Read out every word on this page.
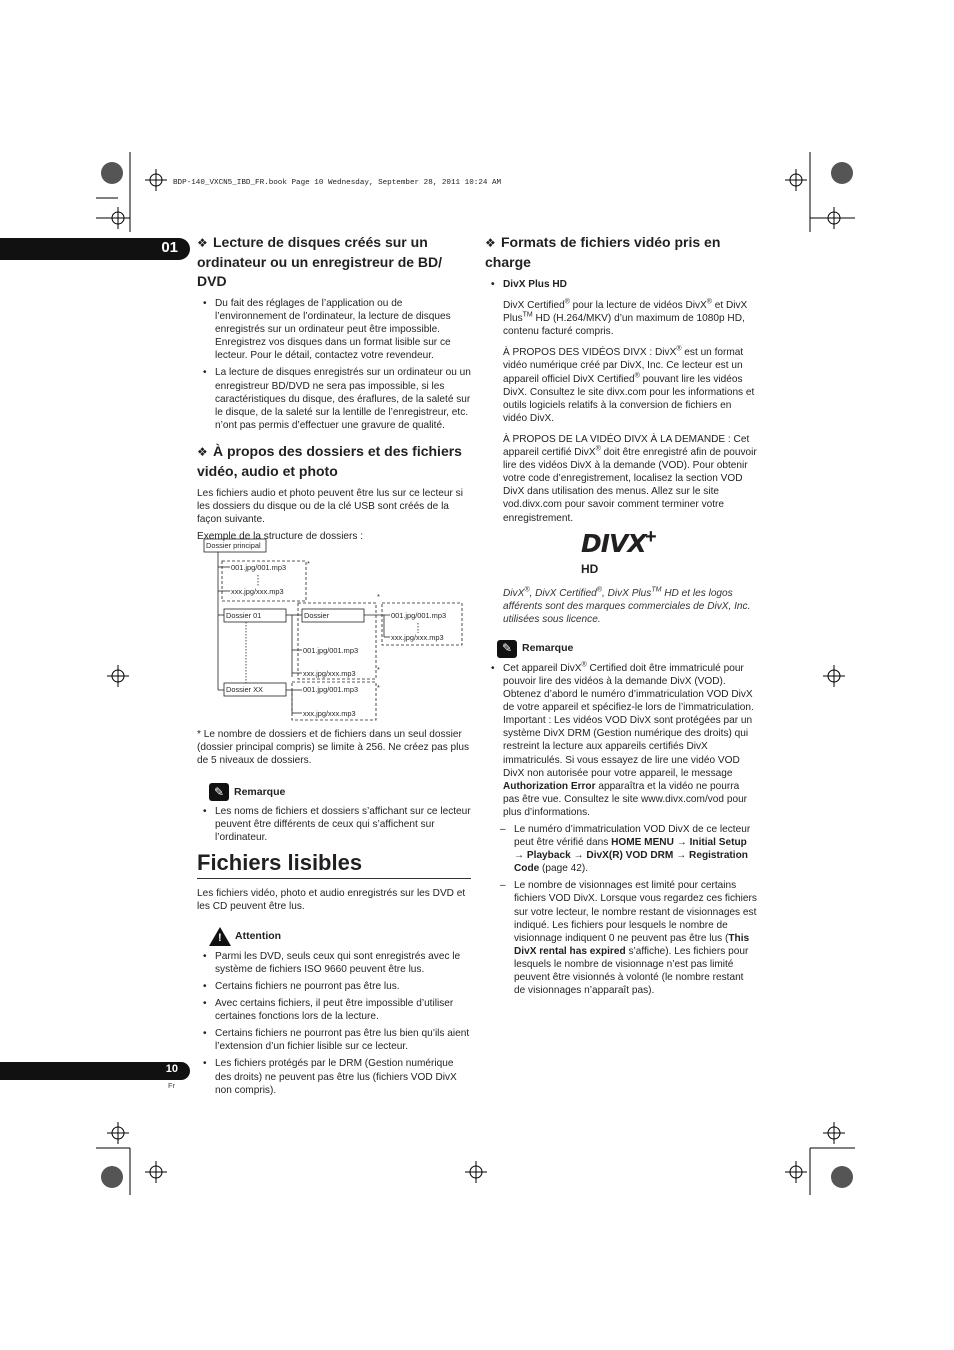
BDP-140_VXCN5_IBD_FR.book Page 10 Wednesday, September 28, 2011 10:24 AM
01
10
Fr
❖ Lecture de disques créés sur un ordinateur ou un enregistreur de BD/ DVD
• Du fait des réglages de l’application ou de l’environnement de l’ordinateur, la lecture de disques enregistrés sur un ordinateur peut être impossible. Enregistrez vos disques dans un format lisible sur ce lecteur. Pour le détail, contactez votre revendeur.
• La lecture de disques enregistrés sur un ordinateur ou un enregistreur BD/DVD ne sera pas impossible, si les caractéristiques du disque, des éraflures, de la saleté sur le disque, de la saleté sur la lentille de l’enregistreur, etc. n’ont pas permis d’effectuer une gravure de qualité.
❖ À propos des dossiers et des fichiers vidéo, audio et photo

Les fichiers audio et photo peuvent être lus sur ce lecteur si les dossiers du disque ou de la clé USB sont créés de la façon suivante.

Exemple de la structure de dossiers :

Dossier principal
001.jpg/001.mp3
xxx.jpg/xxx.mp3
*
Dossier 01
Dossier XX
Dossier
*
001.jpg/001.mp3
xxx.jpg/xxx.mp3
001.jpg/001.mp3
xxx.jpg/xxx.mp3	*
001.jpg/001.mp3	*
xxx.jpg/xxx.mp3

* Le nombre de dossiers et de fichiers dans un seul dossier (dossier principal compris) se limite à 256. Ne créez pas plus de 5 niveaux de dossiers.

✎ Remarque
• Les noms de fichiers et dossiers s’affichant sur ce lecteur peuvent être différents de ceux qui s’affichent sur l’ordinateur.
Fichiers lisibles

Les fichiers vidéo, photo et audio enregistrés sur les DVD et les CD peuvent être lus.

! Attention
• Parmi les DVD, seuls ceux qui sont enregistrés avec le système de fichiers ISO 9660 peuvent être lus.
• Certains fichiers ne pourront pas être lus.
• Avec certains fichiers, il peut être impossible d’utiliser certaines fonctions lors de la lecture.
• Certains fichiers ne pourront pas être lus bien qu’ils aient l’extension d’un fichier lisible sur ce lecteur.
• Les fichiers protégés par le DRM (Gestion numérique des droits) ne peuvent pas être lus (fichiers VOD DivX non compris).
❖ Formats de fichiers vidéo pris en charge
• DivX Plus HD

DivX Certified® pour la lecture de vidéos DivX® et DivX Plus™ HD (H.264/MKV) d’un maximum de 1080p HD, contenu facturé compris.

À PROPOS DES VIDÉOS DIVX : DivX® est un format vidéo numérique créé par DivX, Inc. Ce lecteur est un appareil officiel DivX Certified® pouvant lire les vidéos DivX. Consultez le site divx.com pour les informations et outils logiciels relatifs à la conversion de fichiers en vidéo DivX.

À PROPOS DE LA VIDÉO DIVX À LA DEMANDE : Cet appareil certifié DivX® doit être enregistré afin de pouvoir lire des vidéos DivX à la demande (VOD). Pour obtenir votre code d’enregistrement, localisez la section VOD DivX dans utilisation des menus. Allez sur le site vod.divx.com pour savoir comment terminer votre enregistrement.

DIVX +
HD

DivX®, DivX Certified®, DivX Plus™ HD et les logos afférents sont des marques commerciales de DivX, Inc. utilisées sous licence.

✎ Remarque
• Cet appareil DivX® Certified doit être immatriculé pour pouvoir lire des vidéos à la demande DivX (VOD). Obtenez d’abord le numéro d’immatriculation VOD DivX de votre appareil et spécifiez-le lors de l’immatriculation. Important : Les vidéos VOD DivX sont protégées par un système DivX DRM (Gestion numérique des droits) qui restreint la lecture aux appareils certifiés DivX immatriculés. Si vous essayez de lire une vidéo VOD DivX non autorisée pour votre appareil, le message Authorization Error apparaîtra et la vidéo ne pourra pas être vue. Consultez le site www.divx.com/vod pour plus d’informations.
– Le numéro d’immatriculation VOD DivX de ce lecteur peut être vérifié dans HOME MENU → Initial Setup → Playback → DivX(R) VOD DRM → Registration Code (page 42).
– Le nombre de visionnages est limité pour certains fichiers VOD DivX. Lorsque vous regardez ces fichiers sur votre lecteur, le nombre restant de visionnages est indiqué. Les fichiers pour lesquels le nombre de visionnage indiquent 0 ne peuvent pas être lus (This DivX rental has expired s’affiche). Les fichiers pour lesquels le nombre de visionnage n’est pas limité peuvent être visionnés à volonté (le nombre restant de visionnages n’apparaît pas).
